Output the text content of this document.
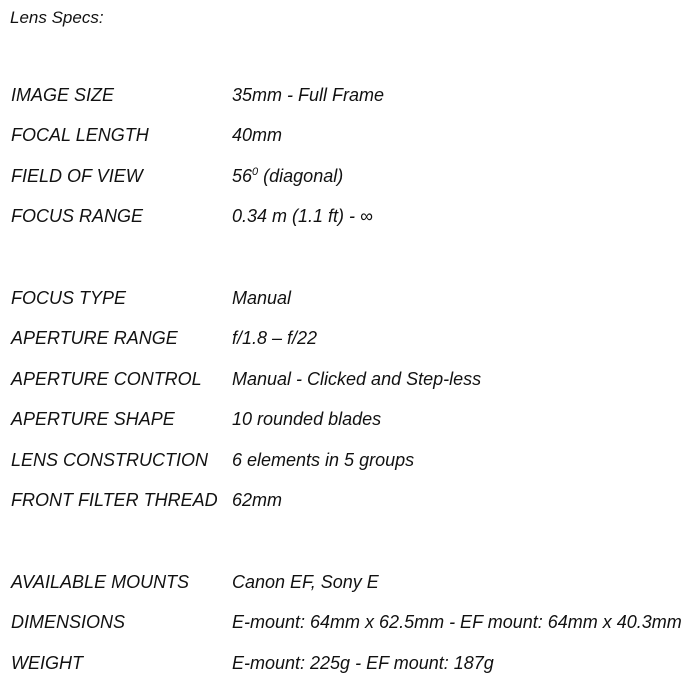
Lens Specs:
IMAGE SIZE	35mm - Full Frame
FOCAL LENGTH	40mm
FIELD OF VIEW	$56^0$ (diagonal)
FOCUS RANGE	0.34 m (1.1 ft) - ∞
FOCUS TYPE	Manual
APERTURE RANGE	f/1.8 – f/22
APERTURE CONTROL Manual - Clicked and Step-less
APERTURE SHAPE	10 rounded blades
LENS CONSTRUCTION 6 elements in 5 groups
FRONT FILTER THREAD 62mm
AVAILABLE MOUNTS Canon EF, Sony E
DIMENSIONS	E-mount: 64mm x 62.5mm - EF mount: 64mm x 40.3mm
WEIGHT	E-mount: 225g - EF mount: 187g
